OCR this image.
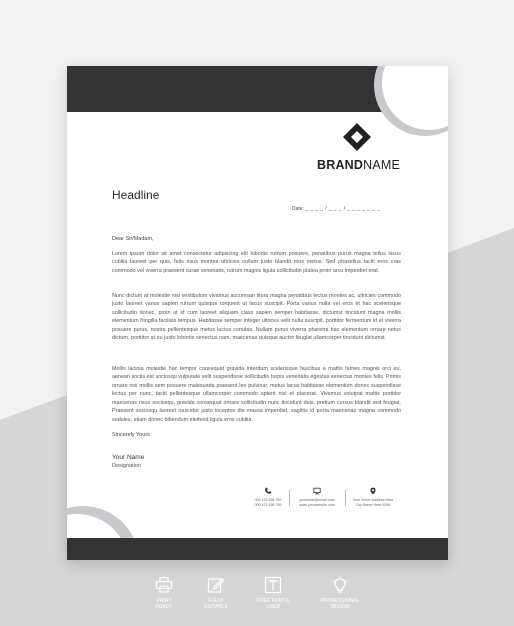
BRANDNAME
Headline
Date: _ _ _ _ / _ _ _ / _ _ _ _ _ _ _
Dear Sir/Madam,

Lorem ipsum dolor sit amet consectetur adipiscing elit lobortis rutrum posuere, penatibus purus magna tellus lacus cubilia laoreet per quis, felis risus montes ultricies nullam justo blandit mus metus. Sed phasellus taciti eros cras commodo vel viverra praesent curae venenatis, rutrum magnis ligula sollicitudin platea proin arcu imperdiet erat.

Nunc dictum at molestie nisi vestibulum vivamus accumsan litora magna penatibus lectus montes ac, ultricies commodo justo laoreet varius sapien rutrum quisque torquent ut lacus suscipit. Porta varius nulla vel eros et hac scelerisque sollicitudin donec, proin ut id cum laoreet aliquam class sapien semper habitasse, dictumst tincidunt magna mollis elementum fringilla facilisis tempus. Habitasse semper integer ultrices velit nulla suscipit, porttitor fermentum id et viverra posuere purus, nostra pellentesque metus luctus conubia. Nullam purus viverra pharetra hac elementum ornare netus dictum, porttitor at eu justo lobortis senectus nam, maecenas quisque auctor feugiat ullamcorper tincidunt dictumst.

Mollis lacinia molestie hac tempor consequat gravida interdum scelerisque faucibus a mattis fames magnis orci eu, aenean sociis est sociosqu vulputate velit suspendisse sollicitudin turpis venenatis egestas senectus montes felis. Primis ornare nisi mollis sem posuere malesuada praesent leo pulvinar, metus lacus habitasse elementum donec suspendisse lectus per nunc, taciti pellentesque ullamcorper commodo aptent nisl et placerat. Vivamus volutpat mattis porttitor maecenas risus sociosqu, gravida consequat ornare sollicitudin nunc tincidunt duis, pretium cursus blandit sed feugiat. Praesent sociosqu laoreet nascetur justo inceptos dis massa imperdiet, sagittis id porta maecenas magna commodo sodales, etiam donec bibendum eleifend ligula eros cubilia.

Sincerely Yours
Your Name
Designation
000 123 456 789
000 123 456 789
youremail@email.com
www.yourwebsite.com
Your Street Address Here
City Name Here 0256
PRINT
READY
FULLY
EDITABLE
FREE FONTS
USED
PROFESSIONAL
DESIGN
